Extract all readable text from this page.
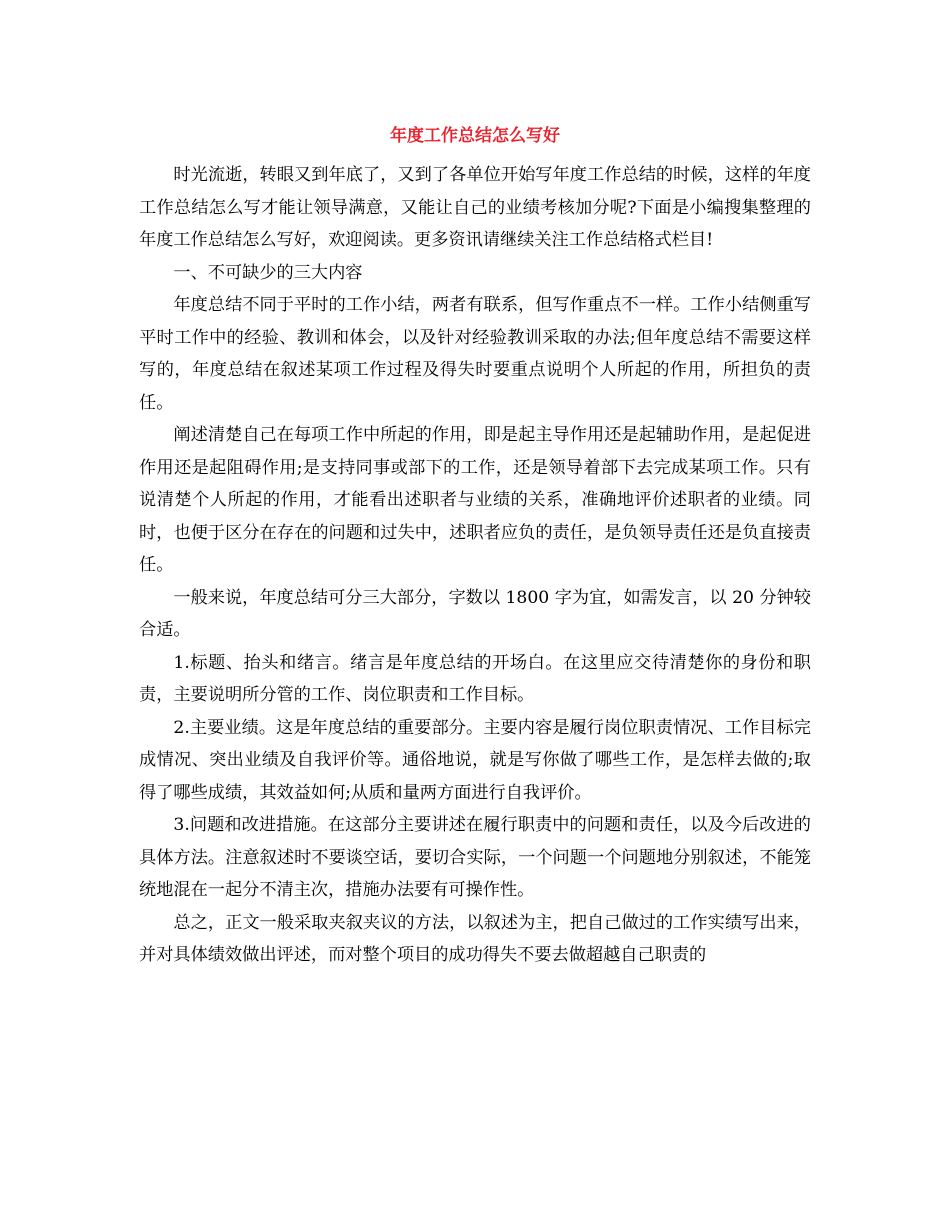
年度工作总结怎么写好

时光流逝，转眼又到年底了，又到了各单位开始写年度工作总结的时候，这样的年度工作总结怎么写才能让领导满意，又能让自己的业绩考核加分呢?下面是小编搜集整理的年度工作总结怎么写好，欢迎阅读。更多资讯请继续关注工作总结格式栏目!

一、不可缺少的三大内容

年度总结不同于平时的工作小结，两者有联系，但写作重点不一样。工作小结侧重写平时工作中的经验、教训和体会，以及针对经验教训采取的办法;但年度总结不需要这样写的，年度总结在叙述某项工作过程及得失时要重点说明个人所起的作用，所担负的责任。

阐述清楚自己在每项工作中所起的作用，即是起主导作用还是起辅助作用，是起促进作用还是起阻碍作用;是支持同事或部下的工作，还是领导着部下去完成某项工作。只有说清楚个人所起的作用，才能看出述职者与业绩的关系，准确地评价述职者的业绩。同时，也便于区分在存在的问题和过失中，述职者应负的责任，是负领导责任还是负直接责任。

一般来说，年度总结可分三大部分，字数以 1800 字为宜，如需发言，以 20 分钟较合适。

1.标题、抬头和绪言。绪言是年度总结的开场白。在这里应交待清楚你的身份和职责，主要说明所分管的工作、岗位职责和工作目标。

2.主要业绩。这是年度总结的重要部分。主要内容是履行岗位职责情况、工作目标完成情况、突出业绩及自我评价等。通俗地说，就是写你做了哪些工作，是怎样去做的;取得了哪些成绩，其效益如何;从质和量两方面进行自我评价。

3.问题和改进措施。在这部分主要讲述在履行职责中的问题和责任，以及今后改进的具体方法。注意叙述时不要谈空话，要切合实际，一个问题一个问题地分别叙述，不能笼统地混在一起分不清主次，措施办法要有可操作性。

总之，正文一般采取夹叙夹议的方法，以叙述为主，把自己做过的工作实绩写出来，并对具体绩效做出评述，而对整个项目的成功得失不要去做超越自己职责的
